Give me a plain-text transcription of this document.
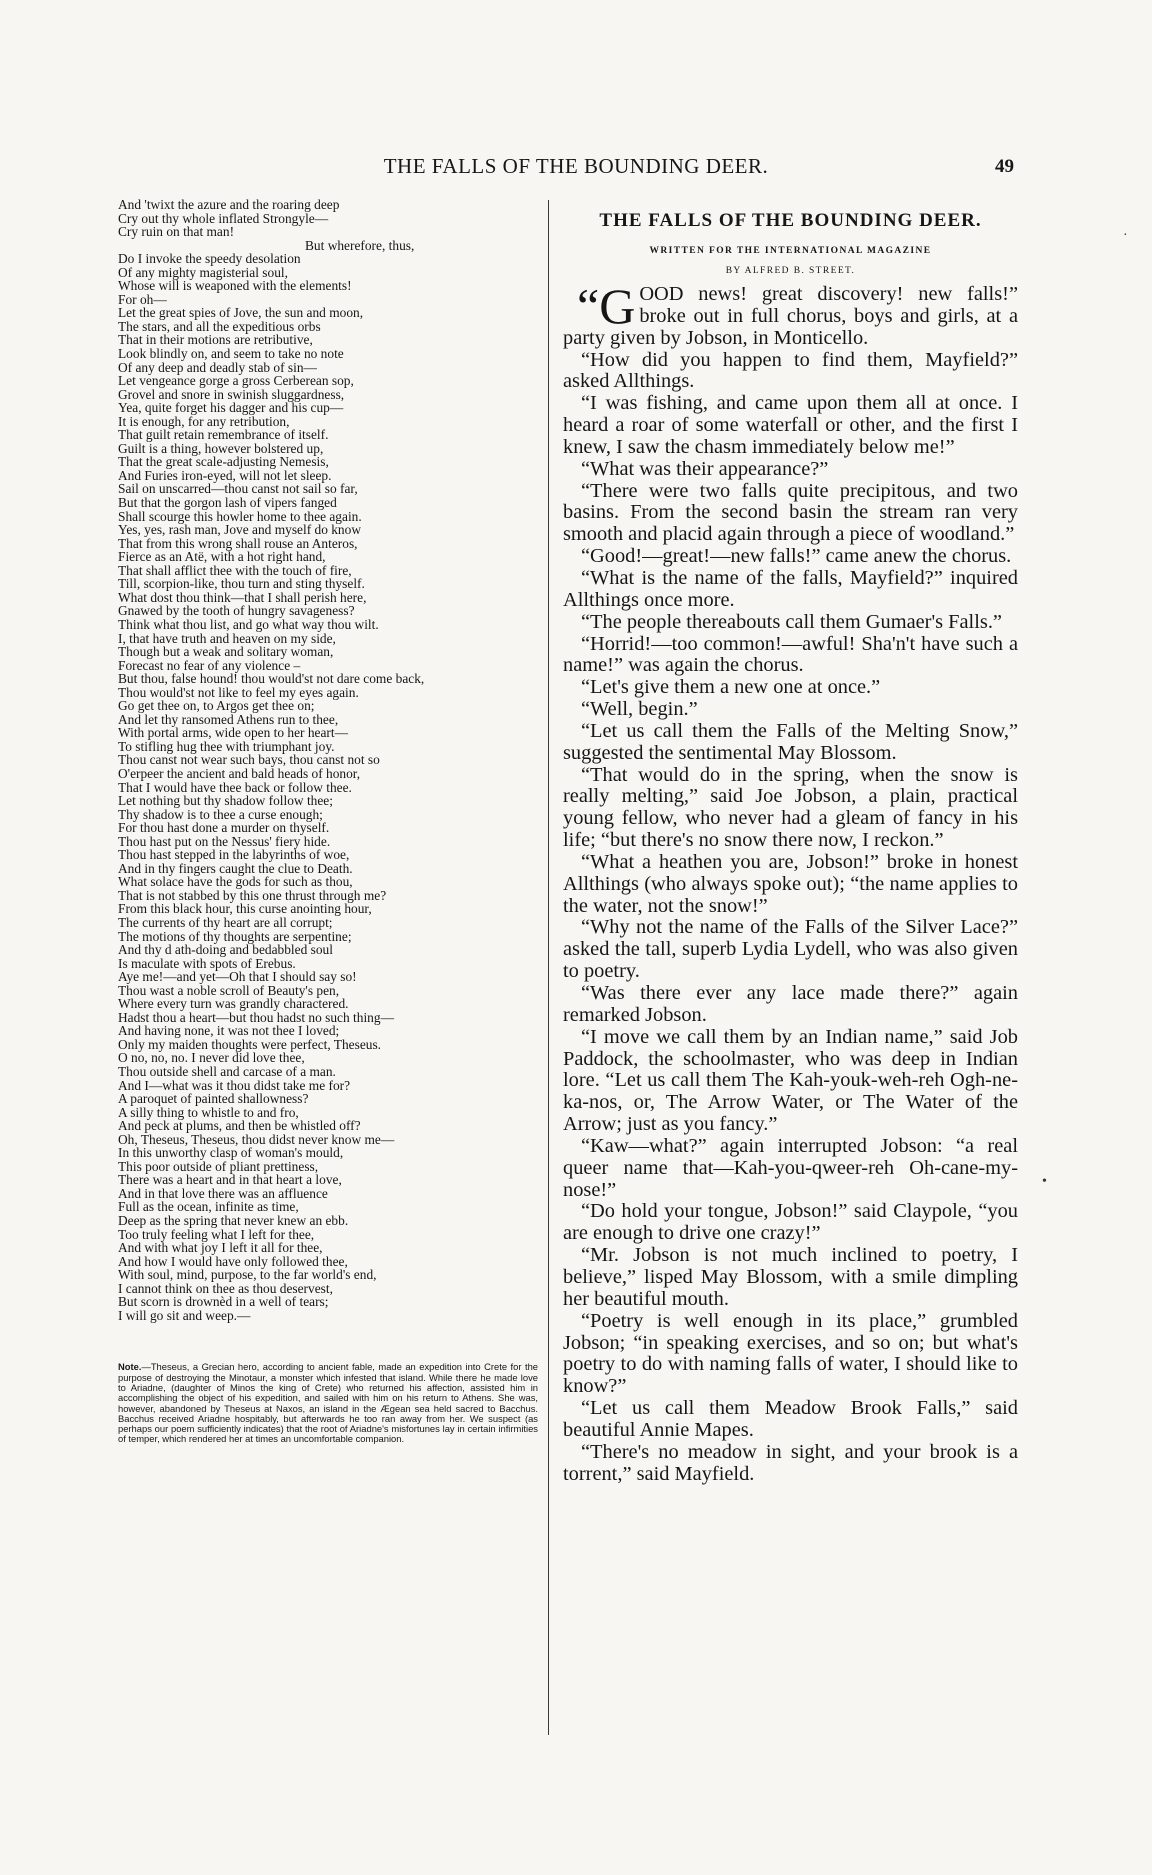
THE FALLS OF THE BOUNDING DEER.	49
And 'twixt the azure and the roaring deep
Cry out thy whole inflated Strongyle—
Cry ruin on that man!
But wherefore, thus,
Do I invoke the speedy desolation
Of any mighty magisterial soul,
Whose will is weaponed with the elements!
For oh—
Let the great spies of Jove, the sun and moon,
The stars, and all the expeditious orbs
That in their motions are retributive,
Look blindly on, and seem to take no note
Of any deep and deadly stab of sin—
Let vengeance gorge a gross Cerberean sop,
Grovel and snore in swinish sluggardness,
Yea, quite forget his dagger and his cup—
It is enough, for any retribution,
That guilt retain remembrance of itself.
Guilt is a thing, however bolstered up,
That the great scale-adjusting Nemesis,
And Furies iron-eyed, will not let sleep.
Sail on unscarred—thou canst not sail so far,
But that the gorgon lash of vipers fanged
Shall scourge this howler home to thee again.
Yes, yes, rash man, Jove and myself do know
That from this wrong shall rouse an Anteros,
Fierce as an Atë, with a hot right hand,
That shall afflict thee with the touch of fire,
Till, scorpion-like, thou turn and sting thyself.
What dost thou think—that I shall perish here,
Gnawed by the tooth of hungry savageness?
Think what thou list, and go what way thou wilt.
I, that have truth and heaven on my side,
Though but a weak and solitary woman,
Forecast no fear of any violence –
But thou, false hound! thou would'st not dare come back,
Thou would'st not like to feel my eyes again.
Go get thee on, to Argos get thee on;
And let thy ransomed Athens run to thee,
With portal arms, wide open to her heart—
To stifling hug thee with triumphant joy.
Thou canst not wear such bays, thou canst not so
O'erpeer the ancient and bald heads of honor,
That I would have thee back or follow thee.
Let nothing but thy shadow follow thee;
Thy shadow is to thee a curse enough;
For thou hast done a murder on thyself.
Thou hast put on the Nessus' fiery hide.
Thou hast stepped in the labyrinths of woe,
And in thy fingers caught the clue to Death.
What solace have the gods for such as thou,
That is not stabbed by this one thrust through me?
From this black hour, this curse anointing hour,
The currents of thy heart are all corrupt;
The motions of thy thoughts are serpentine;
And thy d ath-doing and bedabbled soul
Is maculate with spots of Erebus.
Aye me!—and yet—Oh that I should say so!
Thou wast a noble scroll of Beauty's pen,
Where every turn was grandly charactered.
Hadst thou a heart—but thou hadst no such thing—
And having none, it was not thee I loved;
Only my maiden thoughts were perfect, Theseus.
O no, no, no. I never did love thee,
Thou outside shell and carcase of a man.
And I—what was it thou didst take me for?
A paroquet of painted shallowness?
A silly thing to whistle to and fro,
And peck at plums, and then be whistled off?
Oh, Theseus, Theseus, thou didst never know me—
In this unworthy clasp of woman's mould,
This poor outside of pliant prettiness,
There was a heart and in that heart a love,
And in that love there was an affluence
Full as the ocean, infinite as time,
Deep as the spring that never knew an ebb.
Too truly feeling what I left for thee,
And with what joy I left it all for thee,
And how I would have only followed thee,
With soul, mind, purpose, to the far world's end,
I cannot think on thee as thou deservest,
But scorn is drownèd in a well of tears;
I will go sit and weep.—
Note.—Theseus, a Grecian hero, according to ancient fable, made an expedition into Crete for the purpose of destroying the Minotaur, a monster which infested that island. While there he made love to Ariadne, (daughter of Minos the king of Crete) who returned his affection, assisted him in accomplishing the object of his expedition, and sailed with him on his return to Athens. She was, however, abandoned by Theseus at Naxos, an island in the Ægean sea held sacred to Bacchus. Bacchus received Ariadne hospitably, but afterwards he too ran away from her. We suspect (as perhaps our poem sufficiently indicates) that the root of Ariadne's misfortunes lay in certain infirmities of temper, which rendered her at times an uncomfortable companion.
THE FALLS OF THE BOUNDING DEER.
WRITTEN FOR THE INTERNATIONAL MAGAZINE
BY ALFRED B. STREET.

“G OOD news! great discovery! new falls!” broke out in full chorus, boys and girls, at a party given by Jobson, in Monticello.

“How did you happen to find them, Mayfield?” asked Allthings.

“I was fishing, and came upon them all at once. I heard a roar of some waterfall or other, and the first I knew, I saw the chasm immediately below me!”

“What was their appearance?”

“There were two falls quite precipitous, and two basins. From the second basin the stream ran very smooth and placid again through a piece of woodland.”

“Good!—great!—new falls!” came anew the chorus.

“What is the name of the falls, Mayfield?” inquired Allthings once more.

“The people thereabouts call them Gumaer's Falls.”

“Horrid!—too common!—awful! Sha'n't have such a name!” was again the chorus.

“Let's give them a new one at once.”

“Well, begin.”

“Let us call them the Falls of the Melting Snow,” suggested the sentimental May Blossom.

“That would do in the spring, when the snow is really melting,” said Joe Jobson, a plain, practical young fellow, who never had a gleam of fancy in his life; “but there's no snow there now, I reckon.”

“What a heathen you are, Jobson!” broke in honest Allthings (who always spoke out); “the name applies to the water, not the snow!”

“Why not the name of the Falls of the Silver Lace?” asked the tall, superb Lydia Lydell, who was also given to poetry.

“Was there ever any lace made there?” again remarked Jobson.

“I move we call them by an Indian name,” said Job Paddock, the schoolmaster, who was deep in Indian lore. “Let us call them The Kah-youk-weh-reh Ogh-ne-ka-nos, or, The Arrow Water, or The Water of the Arrow; just as you fancy.”

“Kaw—what?” again interrupted Jobson: “a real queer name that—Kah-you-qweer-reh Oh-cane-my-nose!”

“Do hold your tongue, Jobson!” said Claypole, “you are enough to drive one crazy!”

“Mr. Jobson is not much inclined to poetry, I believe,” lisped May Blossom, with a smile dimpling her beautiful mouth.

“Poetry is well enough in its place,” grumbled Jobson; “in speaking exercises, and so on; but what's poetry to do with naming falls of water, I should like to know?”

“Let us call them Meadow Brook Falls,” said beautiful Annie Mapes.

“There's no meadow in sight, and your brook is a torrent,” said Mayfield.

·
•
